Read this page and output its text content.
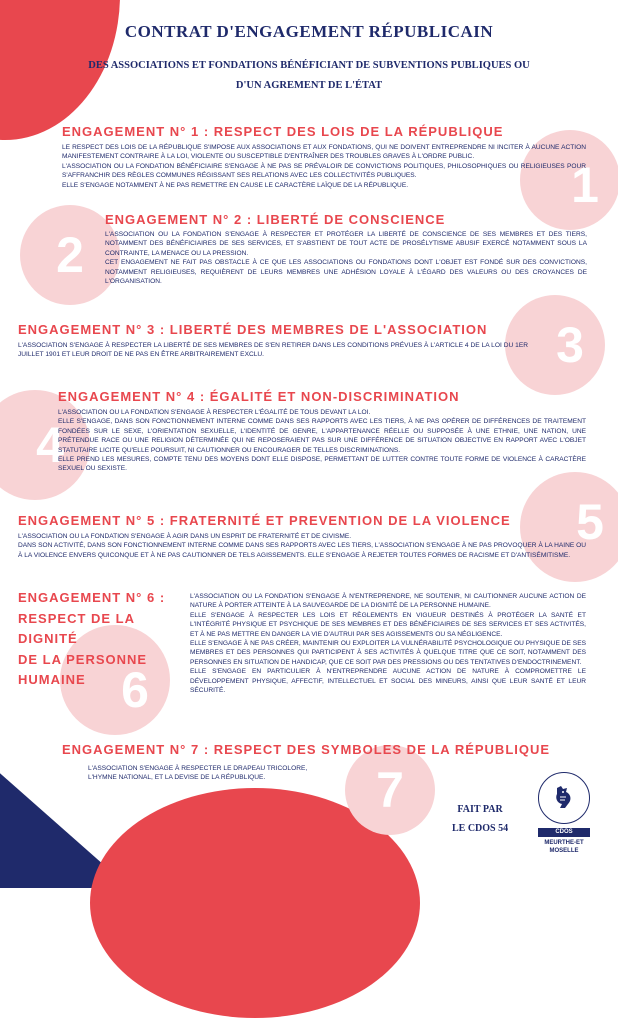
1
2
3
4
5
6
7
CONTRAT D'ENGAGEMENT RÉPUBLICAIN
DES ASSOCIATIONS ET FONDATIONS BÉNÉFICIANT DE SUBVENTIONS PUBLIQUES OU
D'UN AGREMENT DE L'ÉTAT
ENGAGEMENT N° 1 : RESPECT DES LOIS DE LA RÉPUBLIQUE
LE RESPECT DES LOIS DE LA RÉPUBLIQUE S'IMPOSE AUX ASSOCIATIONS ET AUX FONDATIONS, QUI NE DOIVENT ENTREPRENDRE NI INCITER À AUCUNE ACTION MANIFESTEMENT CONTRAIRE À LA LOI, VIOLENTE OU SUSCEPTIBLE D'ENTRAÎNER DES TROUBLES GRAVES À L'ORDRE PUBLIC.
L'ASSOCIATION OU LA FONDATION BÉNÉFICIAIRE S'ENGAGE À NE PAS SE PRÉVALOIR DE CONVICTIONS POLITIQUES, PHILOSOPHIQUES OU RELIGIEUSES POUR S'AFFRANCHIR DES RÈGLES COMMUNES RÉGISSANT SES RELATIONS AVEC LES COLLECTIVITÉS PUBLIQUES.
ELLE S'ENGAGE NOTAMMENT À NE PAS REMETTRE EN CAUSE LE CARACTÈRE LAÏQUE DE LA RÉPUBLIQUE.
ENGAGEMENT N° 2 : LIBERTÉ DE CONSCIENCE
L'ASSOCIATION OU LA FONDATION S'ENGAGE À RESPECTER ET PROTÉGER LA LIBERTÉ DE CONSCIENCE DE SES MEMBRES ET DES TIERS, NOTAMMENT DES BÉNÉFICIAIRES DE SES SERVICES, ET S'ABSTIENT DE TOUT ACTE DE PROSÉLYTISME ABUSIF EXERCÉ NOTAMMENT SOUS LA CONTRAINTE, LA MENACE OU LA PRESSION.
CET ENGAGEMENT NE FAIT PAS OBSTACLE À CE QUE LES ASSOCIATIONS OU FONDATIONS DONT L'OBJET EST FONDÉ SUR DES CONVICTIONS, NOTAMMENT RELIGIEUSES, REQUIÈRENT DE LEURS MEMBRES UNE ADHÉSION LOYALE À L'ÉGARD DES VALEURS OU DES CROYANCES DE L'ORGANISATION.
ENGAGEMENT N° 3 : LIBERTÉ DES MEMBRES DE L'ASSOCIATION
L'ASSOCIATION S'ENGAGE À RESPECTER LA LIBERTÉ DE SES MEMBRES DE S'EN RETIRER DANS LES CONDITIONS PRÉVUES À L'ARTICLE 4 DE LA LOI DU 1ER JUILLET 1901 ET LEUR DROIT DE NE PAS EN ÊTRE ARBITRAIREMENT EXCLU.
ENGAGEMENT N° 4 : ÉGALITÉ ET NON-DISCRIMINATION
L'ASSOCIATION OU LA FONDATION S'ENGAGE À RESPECTER L'ÉGALITÉ DE TOUS DEVANT LA LOI.
ELLE S'ENGAGE, DANS SON FONCTIONNEMENT INTERNE COMME DANS SES RAPPORTS AVEC LES TIERS, À NE PAS OPÉRER DE DIFFÉRENCES DE TRAITEMENT FONDÉES SUR LE SEXE, L'ORIENTATION SEXUELLE, L'IDENTITÉ DE GENRE, L'APPARTENANCE RÉELLE OU SUPPOSÉE À UNE ETHNIE, UNE NATION, UNE PRÉTENDUE RACE OU UNE RELIGION DÉTERMINÉE QUI NE REPOSERAIENT PAS SUR UNE DIFFÉRENCE DE SITUATION OBJECTIVE EN RAPPORT AVEC L'OBJET STATUTAIRE LICITE QU'ELLE POURSUIT, NI CAUTIONNER OU ENCOURAGER DE TELLES DISCRIMINATIONS.
ELLE PREND LES MESURES, COMPTE TENU DES MOYENS DONT ELLE DISPOSE, PERMETTANT DE LUTTER CONTRE TOUTE FORME DE VIOLENCE À CARACTÈRE SEXUEL OU SEXISTE.
ENGAGEMENT N° 5 : FRATERNITÉ ET PREVENTION DE LA VIOLENCE
L'ASSOCIATION OU LA FONDATION S'ENGAGE À AGIR DANS UN ESPRIT DE FRATERNITÉ ET DE CIVISME.
DANS SON ACTIVITÉ, DANS SON FONCTIONNEMENT INTERNE COMME DANS SES RAPPORTS AVEC LES TIERS, L'ASSOCIATION S'ENGAGE À NE PAS PROVOQUER À LA HAINE OU À LA VIOLENCE ENVERS QUICONQUE ET À NE PAS CAUTIONNER DE TELS AGISSEMENTS. ELLE S'ENGAGE À REJETER TOUTES FORMES DE RACISME ET D'ANTISÉMITISME.
ENGAGEMENT N° 6 :
RESPECT DE LA
DIGNITÉ
DE LA PERSONNE
HUMAINE
L'ASSOCIATION OU LA FONDATION S'ENGAGE À N'ENTREPRENDRE, NE SOUTENIR, NI CAUTIONNER AUCUNE ACTION DE NATURE À PORTER ATTEINTE À LA SAUVEGARDE DE LA DIGNITÉ DE LA PERSONNE HUMAINE.
ELLE S'ENGAGE À RESPECTER LES LOIS ET RÈGLEMENTS EN VIGUEUR DESTINÉS À PROTÉGER LA SANTÉ ET L'INTÉGRITÉ PHYSIQUE ET PSYCHIQUE DE SES MEMBRES ET DES BÉNÉFICIAIRES DE SES SERVICES ET SES ACTIVITÉS, ET À NE PAS METTRE EN DANGER LA VIE D'AUTRUI PAR SES AGISSEMENTS OU SA NÉGLIGENCE.
ELLE S'ENGAGE À NE PAS CRÉER, MAINTENIR OU EXPLOITER LA VULNÉRABILITÉ PSYCHOLOGIQUE OU PHYSIQUE DE SES MEMBRES ET DES PERSONNES QUI PARTICIPENT À SES ACTIVITÉS À QUELQUE TITRE QUE CE SOIT, NOTAMMENT DES PERSONNES EN SITUATION DE HANDICAP, QUE CE SOIT PAR DES PRESSIONS OU DES TENTATIVES D'ENDOCTRINEMENT.
ELLE S'ENGAGE EN PARTICULIER À N'ENTREPRENDRE AUCUNE ACTION DE NATURE À COMPROMETTRE LE DÉVELOPPEMENT PHYSIQUE, AFFECTIF, INTELLECTUEL ET SOCIAL DES MINEURS, AINSI QUE LEUR SANTÉ ET LEUR SÉCURITÉ.
ENGAGEMENT N° 7 : RESPECT DES SYMBOLES DE LA RÉPUBLIQUE
L'ASSOCIATION S'ENGAGE À RESPECTER LE DRAPEAU TRICOLORE,
L'HYMNE NATIONAL, ET LA DEVISE DE LA RÉPUBLIQUE.
FAIT PAR
LE CDOS 54	CDOS
MEURTHE-ET
MOSELLE
